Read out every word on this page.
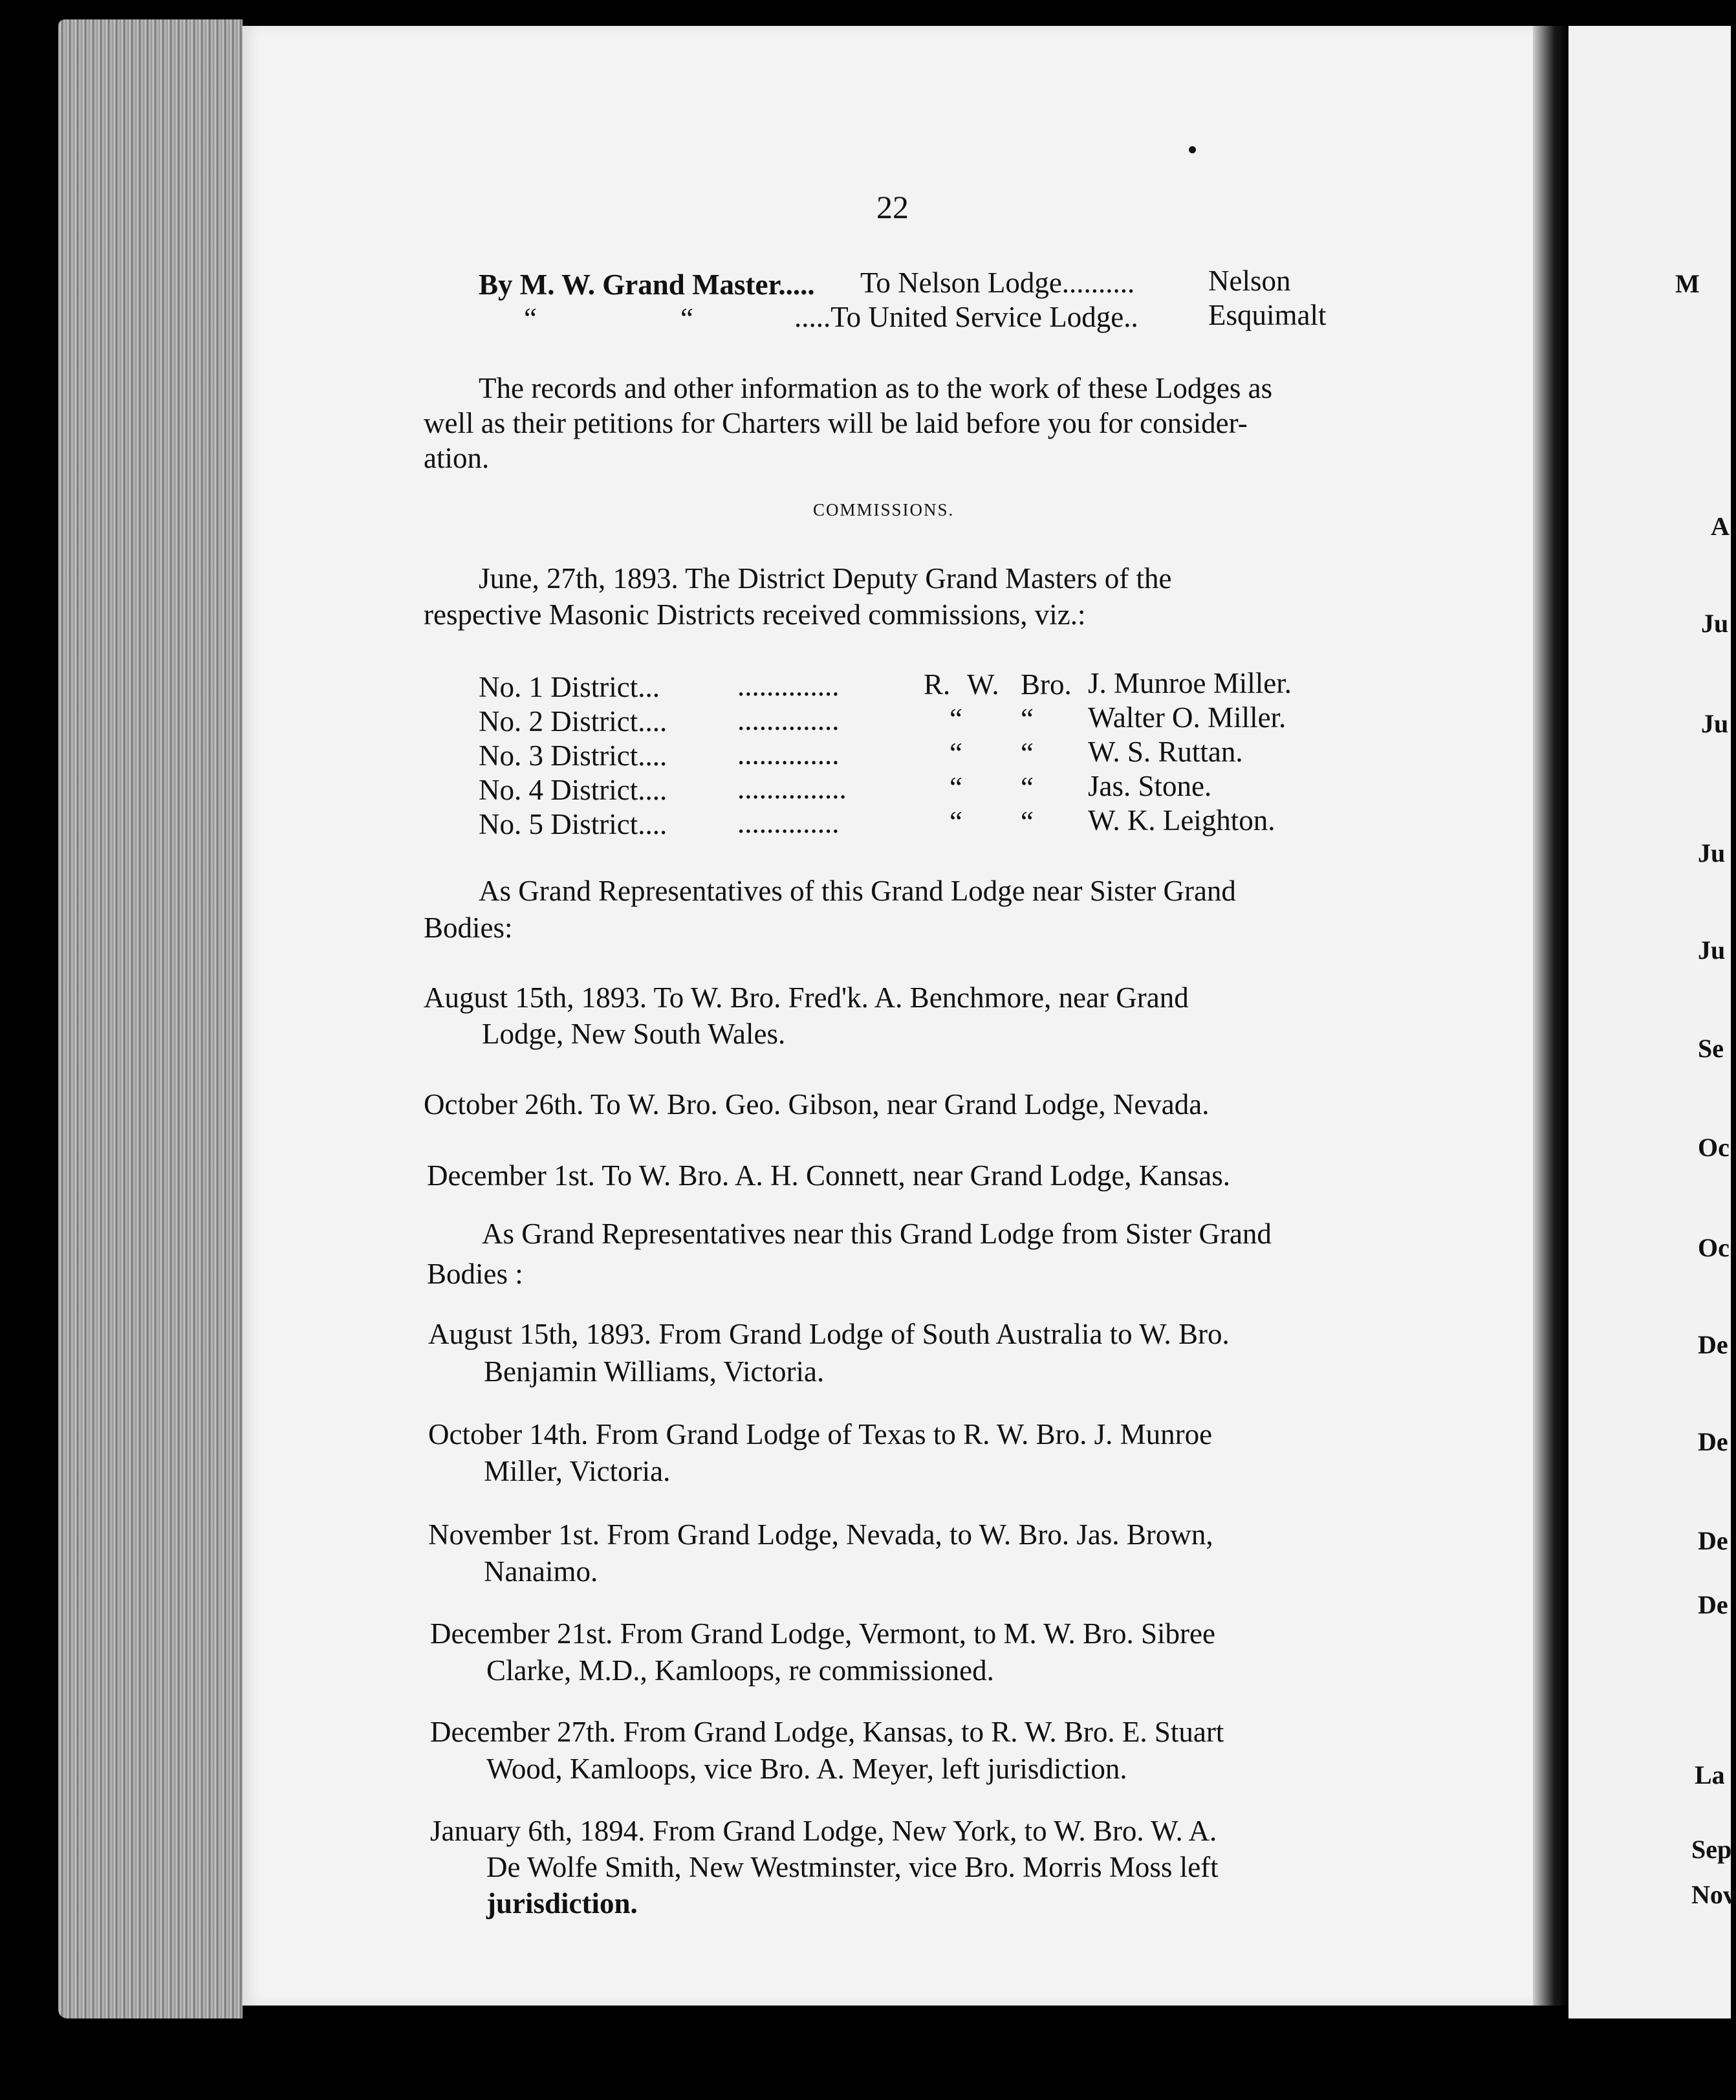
22
By M. W. Grand Master..... To Nelson Lodge..........	Nelson
“	“	.....To United Service Lodge.. Esquimalt
The records and other information as to the work of these Lodges as
well as their petitions for Charters will be laid before you for consider-
ation.
COMMISSIONS.
June, 27th, 1893. The District Deputy Grand Masters of the
respective Masonic Districts received commissions, viz.:
No. 1 District...	..............	R. W. Bro. J. Munroe Miller.
No. 2 District.... ..............	“ “ Walter O. Miller.
No. 3 District.... ..............	“ “ W. S. Ruttan.
No. 4 District.... ...............	“ “ Jas. Stone.
No. 5 District.... ..............	“ “ W. K. Leighton.
As Grand Representatives of this Grand Lodge near Sister Grand
Bodies:
August 15th, 1893. To W. Bro. Fred'k. A. Benchmore, near Grand
Lodge, New South Wales.
October 26th. To W. Bro. Geo. Gibson, near Grand Lodge, Nevada.
December 1st. To W. Bro. A. H. Connett, near Grand Lodge, Kansas.
As Grand Representatives near this Grand Lodge from Sister Grand
Bodies :
August 15th, 1893. From Grand Lodge of South Australia to W. Bro.
Benjamin Williams, Victoria.
October 14th. From Grand Lodge of Texas to R. W. Bro. J. Munroe
Miller, Victoria.
November 1st. From Grand Lodge, Nevada, to W. Bro. Jas. Brown,
Nanaimo.
December 21st. From Grand Lodge, Vermont, to M. W. Bro. Sibree
Clarke, M.D., Kamloops, re commissioned.
December 27th. From Grand Lodge, Kansas, to R. W. Bro. E. Stuart
Wood, Kamloops, vice Bro. A. Meyer, left jurisdiction.
January 6th, 1894. From Grand Lodge, New York, to W. Bro. W. A.
De Wolfe Smith, New Westminster, vice Bro. Morris Moss left
jurisdiction.
M
A
Ju
Ju
Ju
Ju
Se
Oc
Oc
De
De
De
De
La
Sep
Nov
